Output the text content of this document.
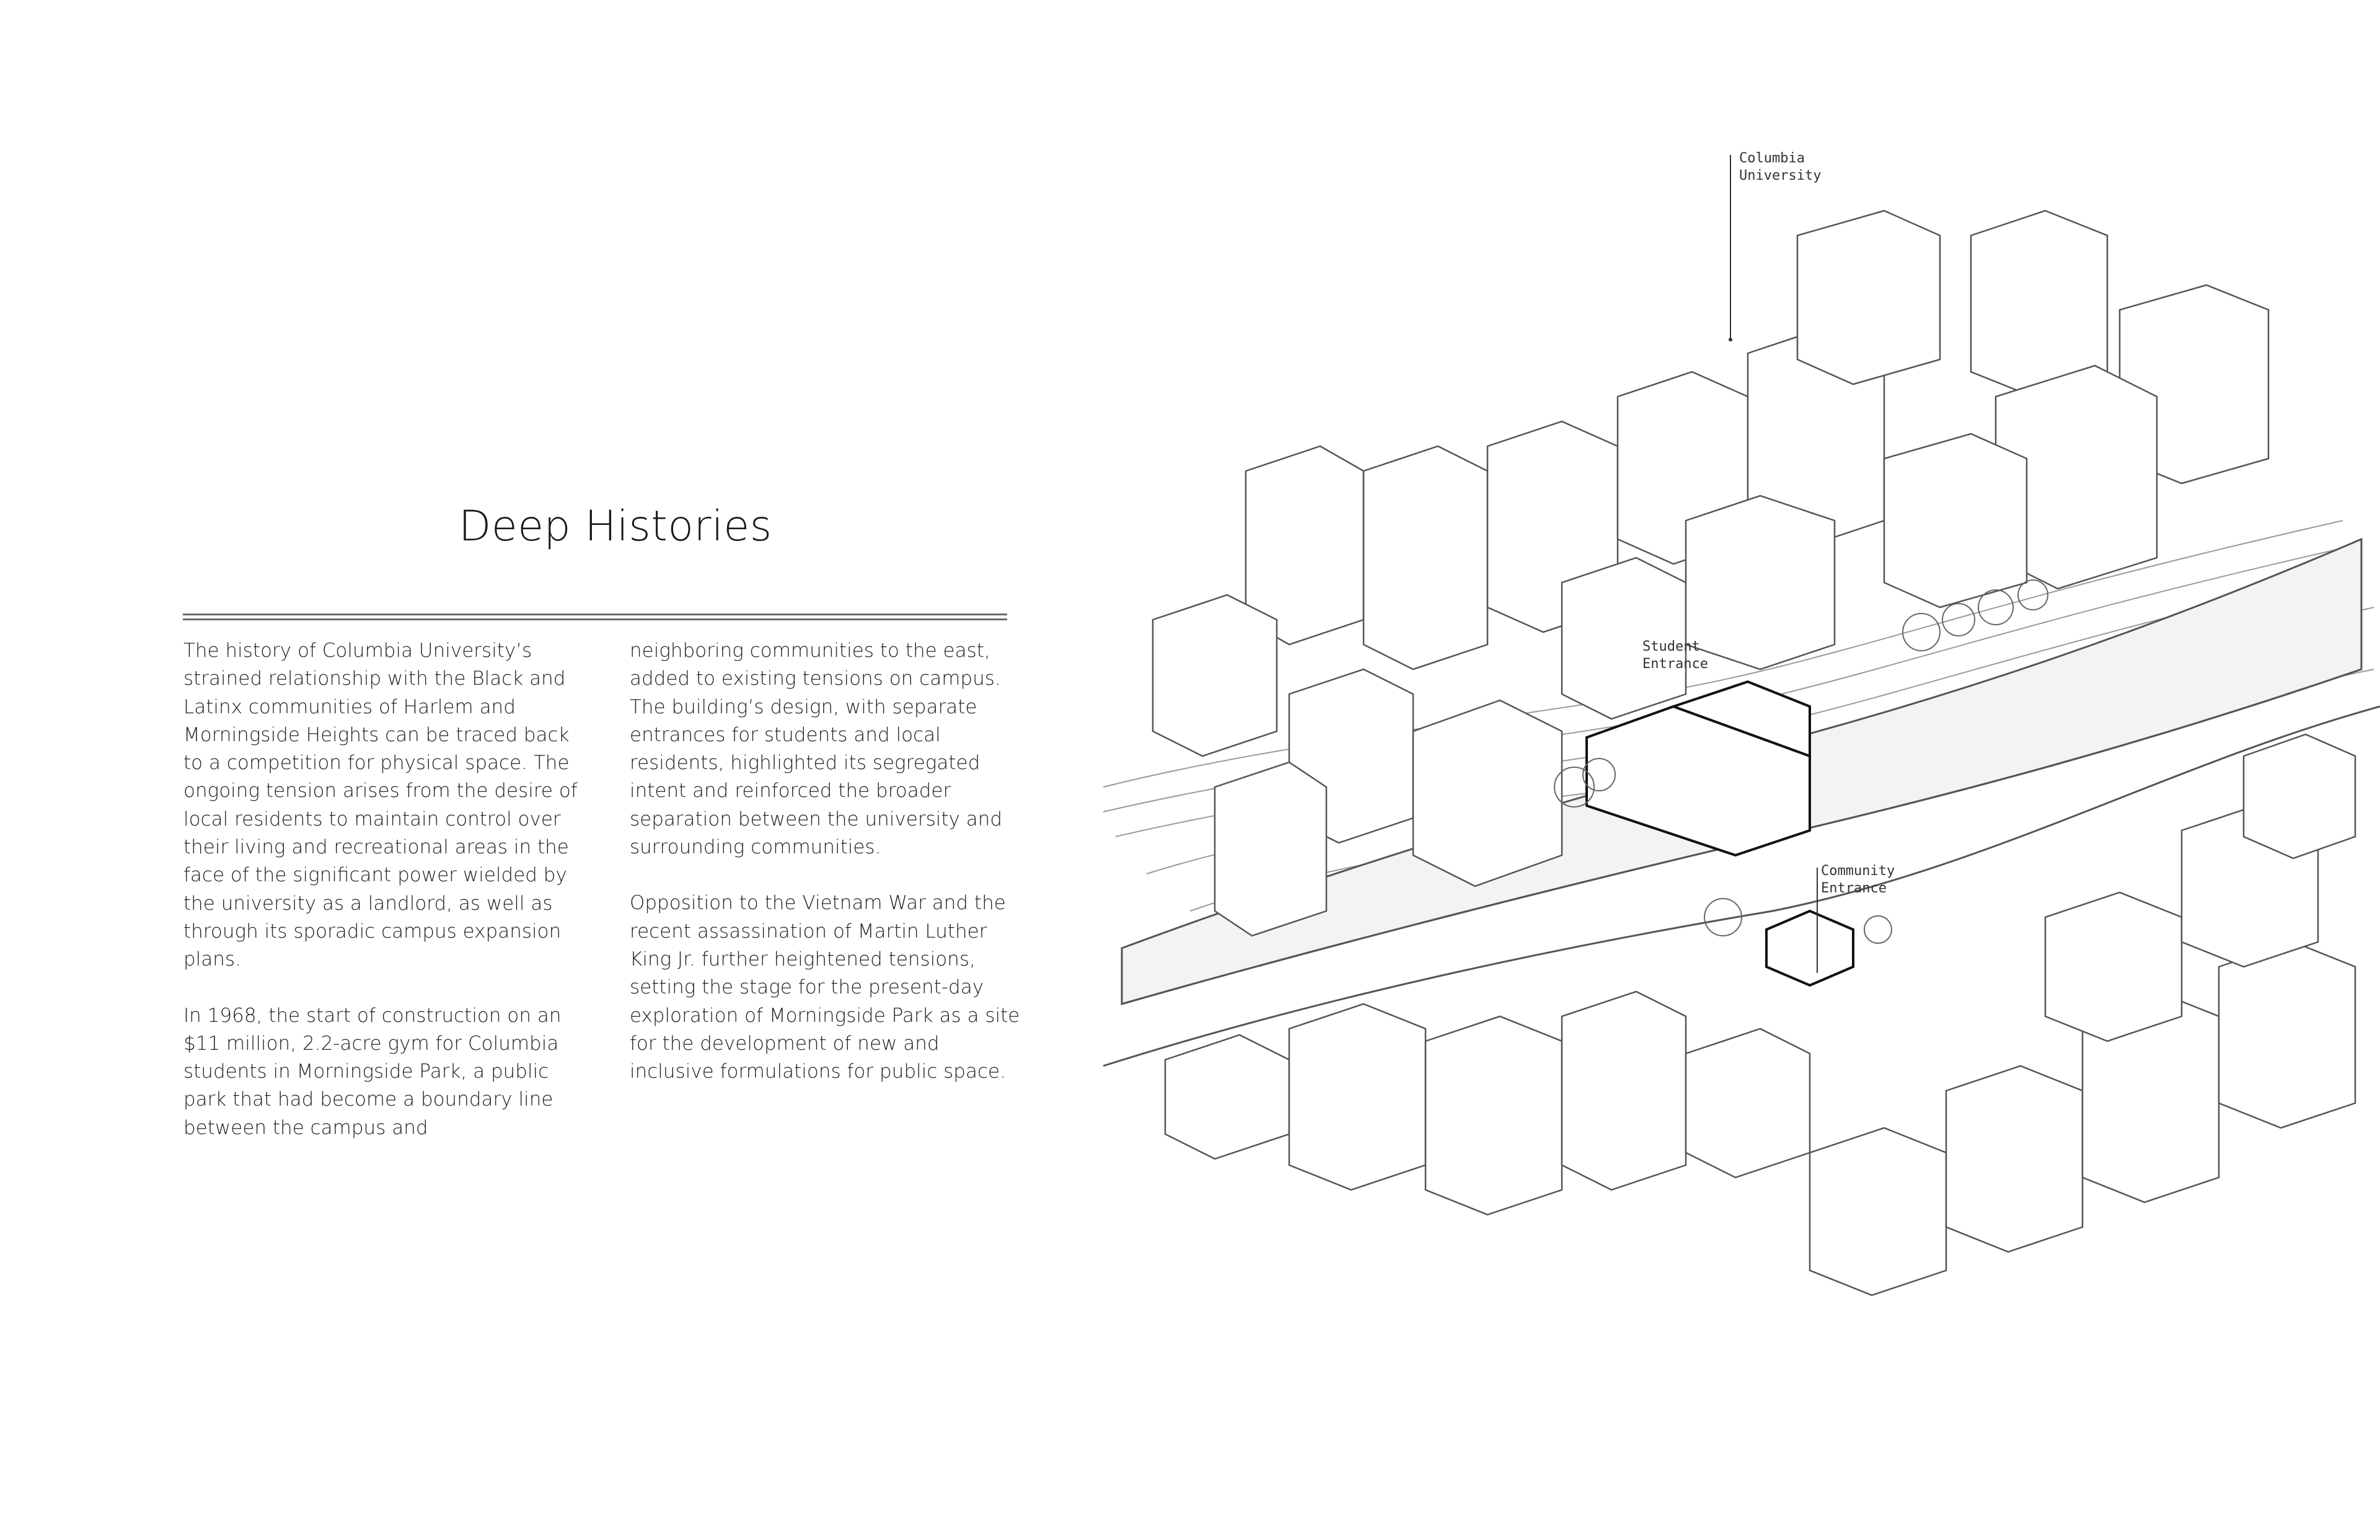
Deep Histories

The history of Columbia University’s strained relationship with the Black and Latinx communities of Harlem and Morningside Heights can be traced back to a competition for physical space. The ongoing tension arises from the desire of local residents to maintain control over their living and recreational areas in the face of the significant power wielded by the university as a landlord, as well as through its sporadic campus expansion plans.

In 1968, the start of construction on an $11 million, 2.2-acre gym for Columbia students in Morningside Park, a public park that had become a boundary line between the campus and

neighboring communities to the east, added to existing tensions on campus. The building’s design, with separate entrances for students and local residents, highlighted its segregated intent and reinforced the broader separation between the university and surrounding communities.

Opposition to the Vietnam War and the recent assassination of Martin Luther King Jr. further heightened tensions, setting the stage for the present-day exploration of Morningside Park as a site for the development of new and inclusive formulations for public space.

Columbia
University
Student
Entrance
Community
Entrance
